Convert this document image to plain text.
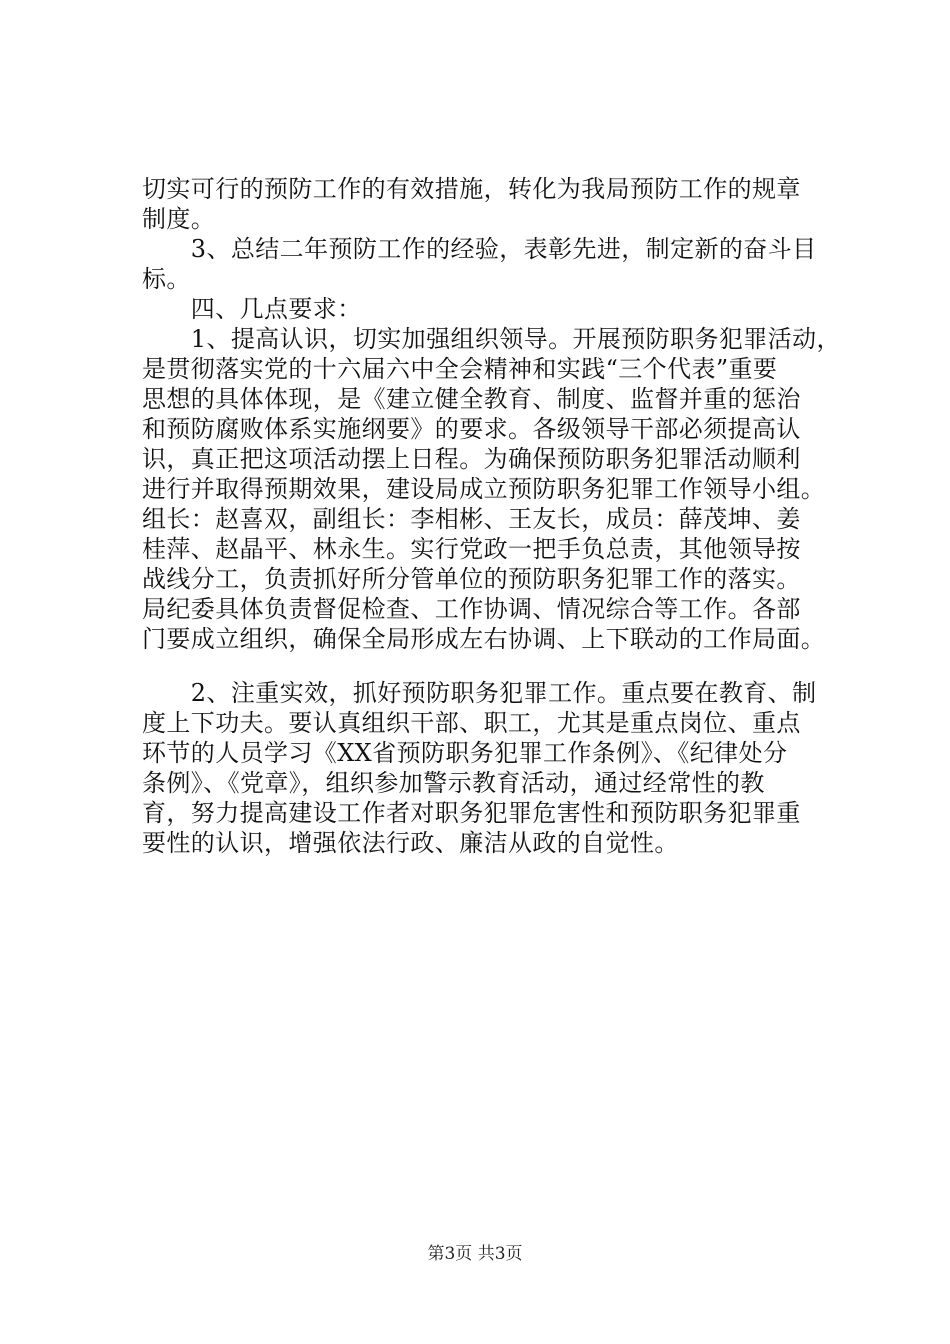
切实可行的预防工作的有效措施，转化为我局预防工作的规章
制度。
　　3、总结二年预防工作的经验，表彰先进，制定新的奋斗目
标。
　　四、几点要求：
　　1、提高认识，切实加强组织领导。开展预防职务犯罪活动，
是贯彻落实党的十六届六中全会精神和实践“三个代表”重要
思想的具体体现，是《建立健全教育、制度、监督并重的惩治
和预防腐败体系实施纲要》的要求。各级领导干部必须提高认
识，真正把这项活动摆上日程。为确保预防职务犯罪活动顺利
进行并取得预期效果，建设局成立预防职务犯罪工作领导小组。
组长：赵喜双，副组长：李相彬、王友长，成员：薛茂坤、姜
桂萍、赵晶平、林永生。实行党政一把手负总责，其他领导按
战线分工，负责抓好所分管单位的预防职务犯罪工作的落实。
局纪委具体负责督促检查、工作协调、情况综合等工作。各部
门要成立组织，确保全局形成左右协调、上下联动的工作局面。
　　2、注重实效，抓好预防职务犯罪工作。重点要在教育、制
度上下功夫。要认真组织干部、职工，尤其是重点岗位、重点
环节的人员学习《XX省预防职务犯罪工作条例》、《纪律处分
条例》、《党章》，组织参加警示教育活动，通过经常性的教
育，努力提高建设工作者对职务犯罪危害性和预防职务犯罪重
要性的认识，增强依法行政、廉洁从政的自觉性。
第3页 共3页
